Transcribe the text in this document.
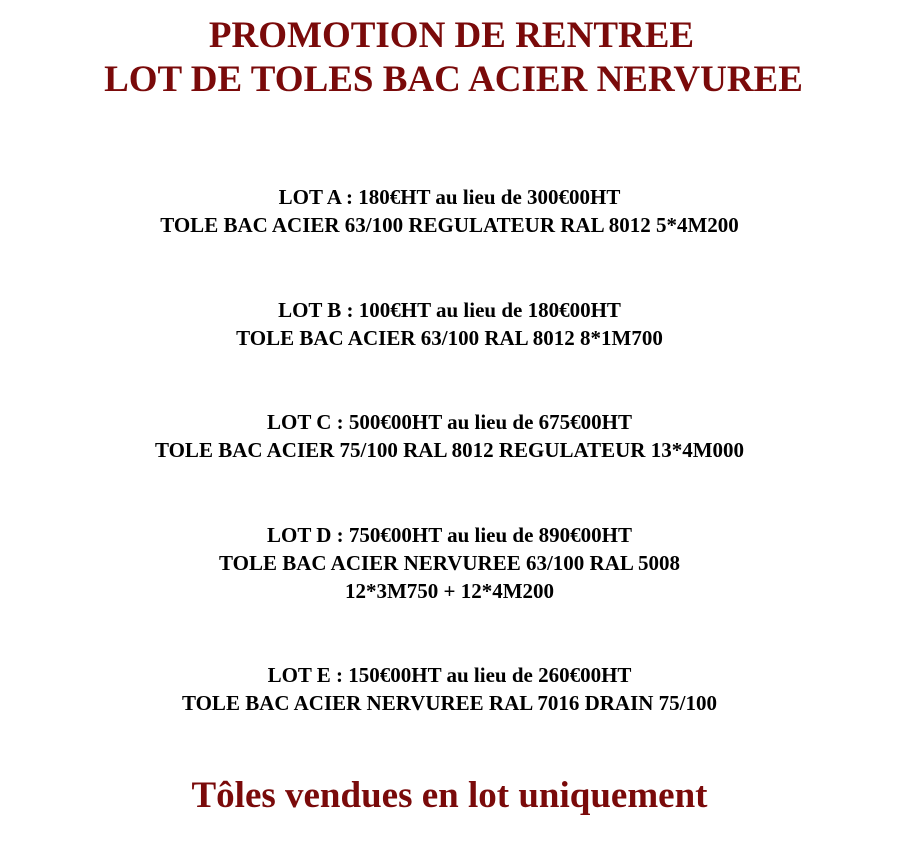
PROMOTION DE RENTREE
LOT DE TOLES BAC ACIER NERVUREE
LOT A : 180€HT au lieu de 300€00HT
TOLE BAC ACIER 63/100 REGULATEUR RAL 8012 5*4M200
LOT B : 100€HT au lieu de 180€00HT
TOLE BAC ACIER 63/100 RAL 8012 8*1M700
LOT C : 500€00HT au lieu de 675€00HT
TOLE BAC ACIER 75/100 RAL 8012 REGULATEUR 13*4M000
LOT D : 750€00HT au lieu de 890€00HT
TOLE BAC ACIER NERVUREE 63/100 RAL 5008
12*3M750 + 12*4M200
LOT E : 150€00HT au lieu de 260€00HT
TOLE BAC ACIER NERVUREE RAL 7016 DRAIN 75/100

Tôles vendues en lot uniquement
